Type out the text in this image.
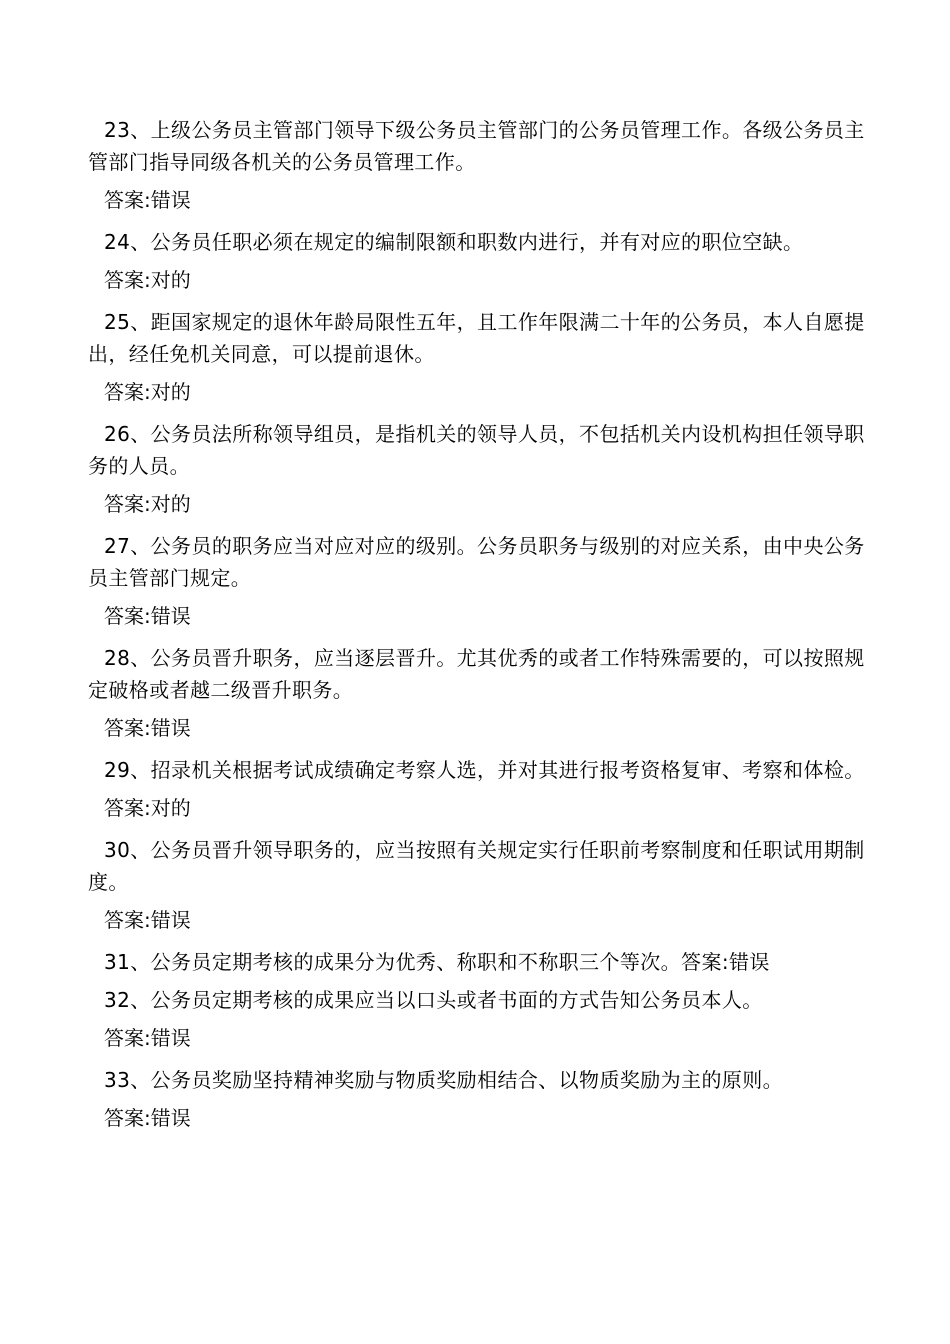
23、上级公务员主管部门领导下级公务员主管部门的公务员管理工作。各级公务员主管部门指导同级各机关的公务员管理工作。

答案:错误

24、公务员任职必须在规定的编制限额和职数内进行，并有对应的职位空缺。

答案:对的

25、距国家规定的退休年龄局限性五年，且工作年限满二十年的公务员，本人自愿提出，经任免机关同意，可以提前退休。

答案:对的

26、公务员法所称领导组员，是指机关的领导人员，不包括机关内设机构担任领导职务的人员。

答案:对的

27、公务员的职务应当对应对应的级别。公务员职务与级别的对应关系，由中央公务员主管部门规定。

答案:错误

28、公务员晋升职务，应当逐层晋升。尤其优秀的或者工作特殊需要的，可以按照规定破格或者越二级晋升职务。

答案:错误

29、招录机关根据考试成绩确定考察人选，并对其进行报考资格复审、考察和体检。

答案:对的

30、公务员晋升领导职务的，应当按照有关规定实行任职前考察制度和任职试用期制度。

答案:错误

31、公务员定期考核的成果分为优秀、称职和不称职三个等次。答案:错误

32、公务员定期考核的成果应当以口头或者书面的方式告知公务员本人。

答案:错误

33、公务员奖励坚持精神奖励与物质奖励相结合、以物质奖励为主的原则。

答案:错误
